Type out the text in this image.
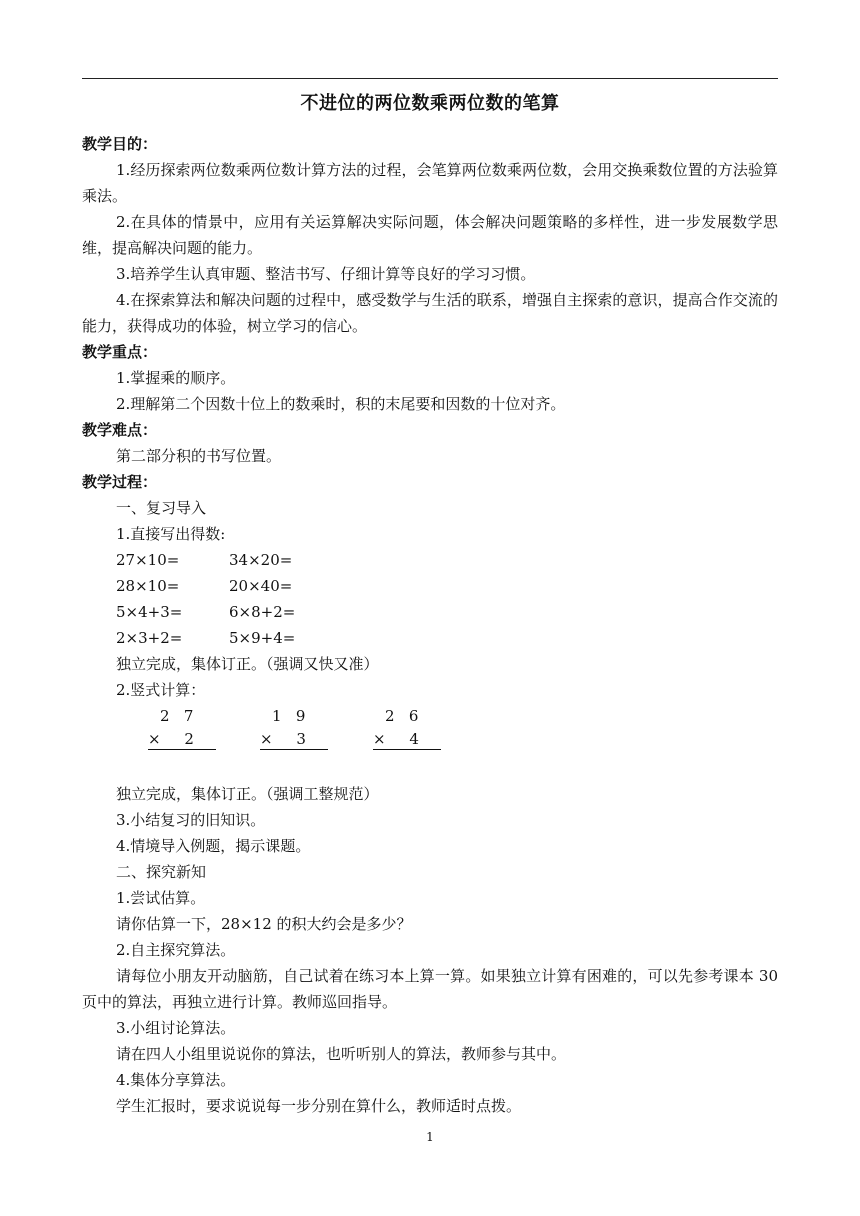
不进位的两位数乘两位数的笔算
教学目的：
1.经历探索两位数乘两位数计算方法的过程，会笔算两位数乘两位数，会用交换乘数位置的方法验算乘法。
2.在具体的情景中，应用有关运算解决实际问题，体会解决问题策略的多样性，进一步发展数学思维，提高解决问题的能力。
3.培养学生认真审题、整洁书写、仔细计算等良好的学习习惯。
4.在探索算法和解决问题的过程中，感受数学与生活的联系，增强自主探索的意识，提高合作交流的能力，获得成功的体验，树立学习的信心。
教学重点：
1.掌握乘的顺序。
2.理解第二个因数十位上的数乘时，积的末尾要和因数的十位对齐。
教学难点：
第二部分积的书写位置。
教学过程：
一、复习导入
1.直接写出得数:
27×10=	34×20=
28×10=	20×40=
5×4+3=	6×8+2=
2×3+2=	5×9+4=
独立完成，集体订正。（强调又快又准）
2.竖式计算：
2   7
×     2
1   9
×     3
2   6
×     4
独立完成，集体订正。（强调工整规范）
3.小结复习的旧知识。
4.情境导入例题，揭示课题。
二、探究新知
1.尝试估算。
请你估算一下，28×12 的积大约会是多少？
2.自主探究算法。
请每位小朋友开动脑筋，自己试着在练习本上算一算。如果独立计算有困难的，可以先参考课本 30 页中的算法，再独立进行计算。教师巡回指导。
3.小组讨论算法。
请在四人小组里说说你的算法，也听听别人的算法，教师参与其中。
4.集体分享算法。
学生汇报时，要求说说每一步分别在算什么，教师适时点拨。
1
